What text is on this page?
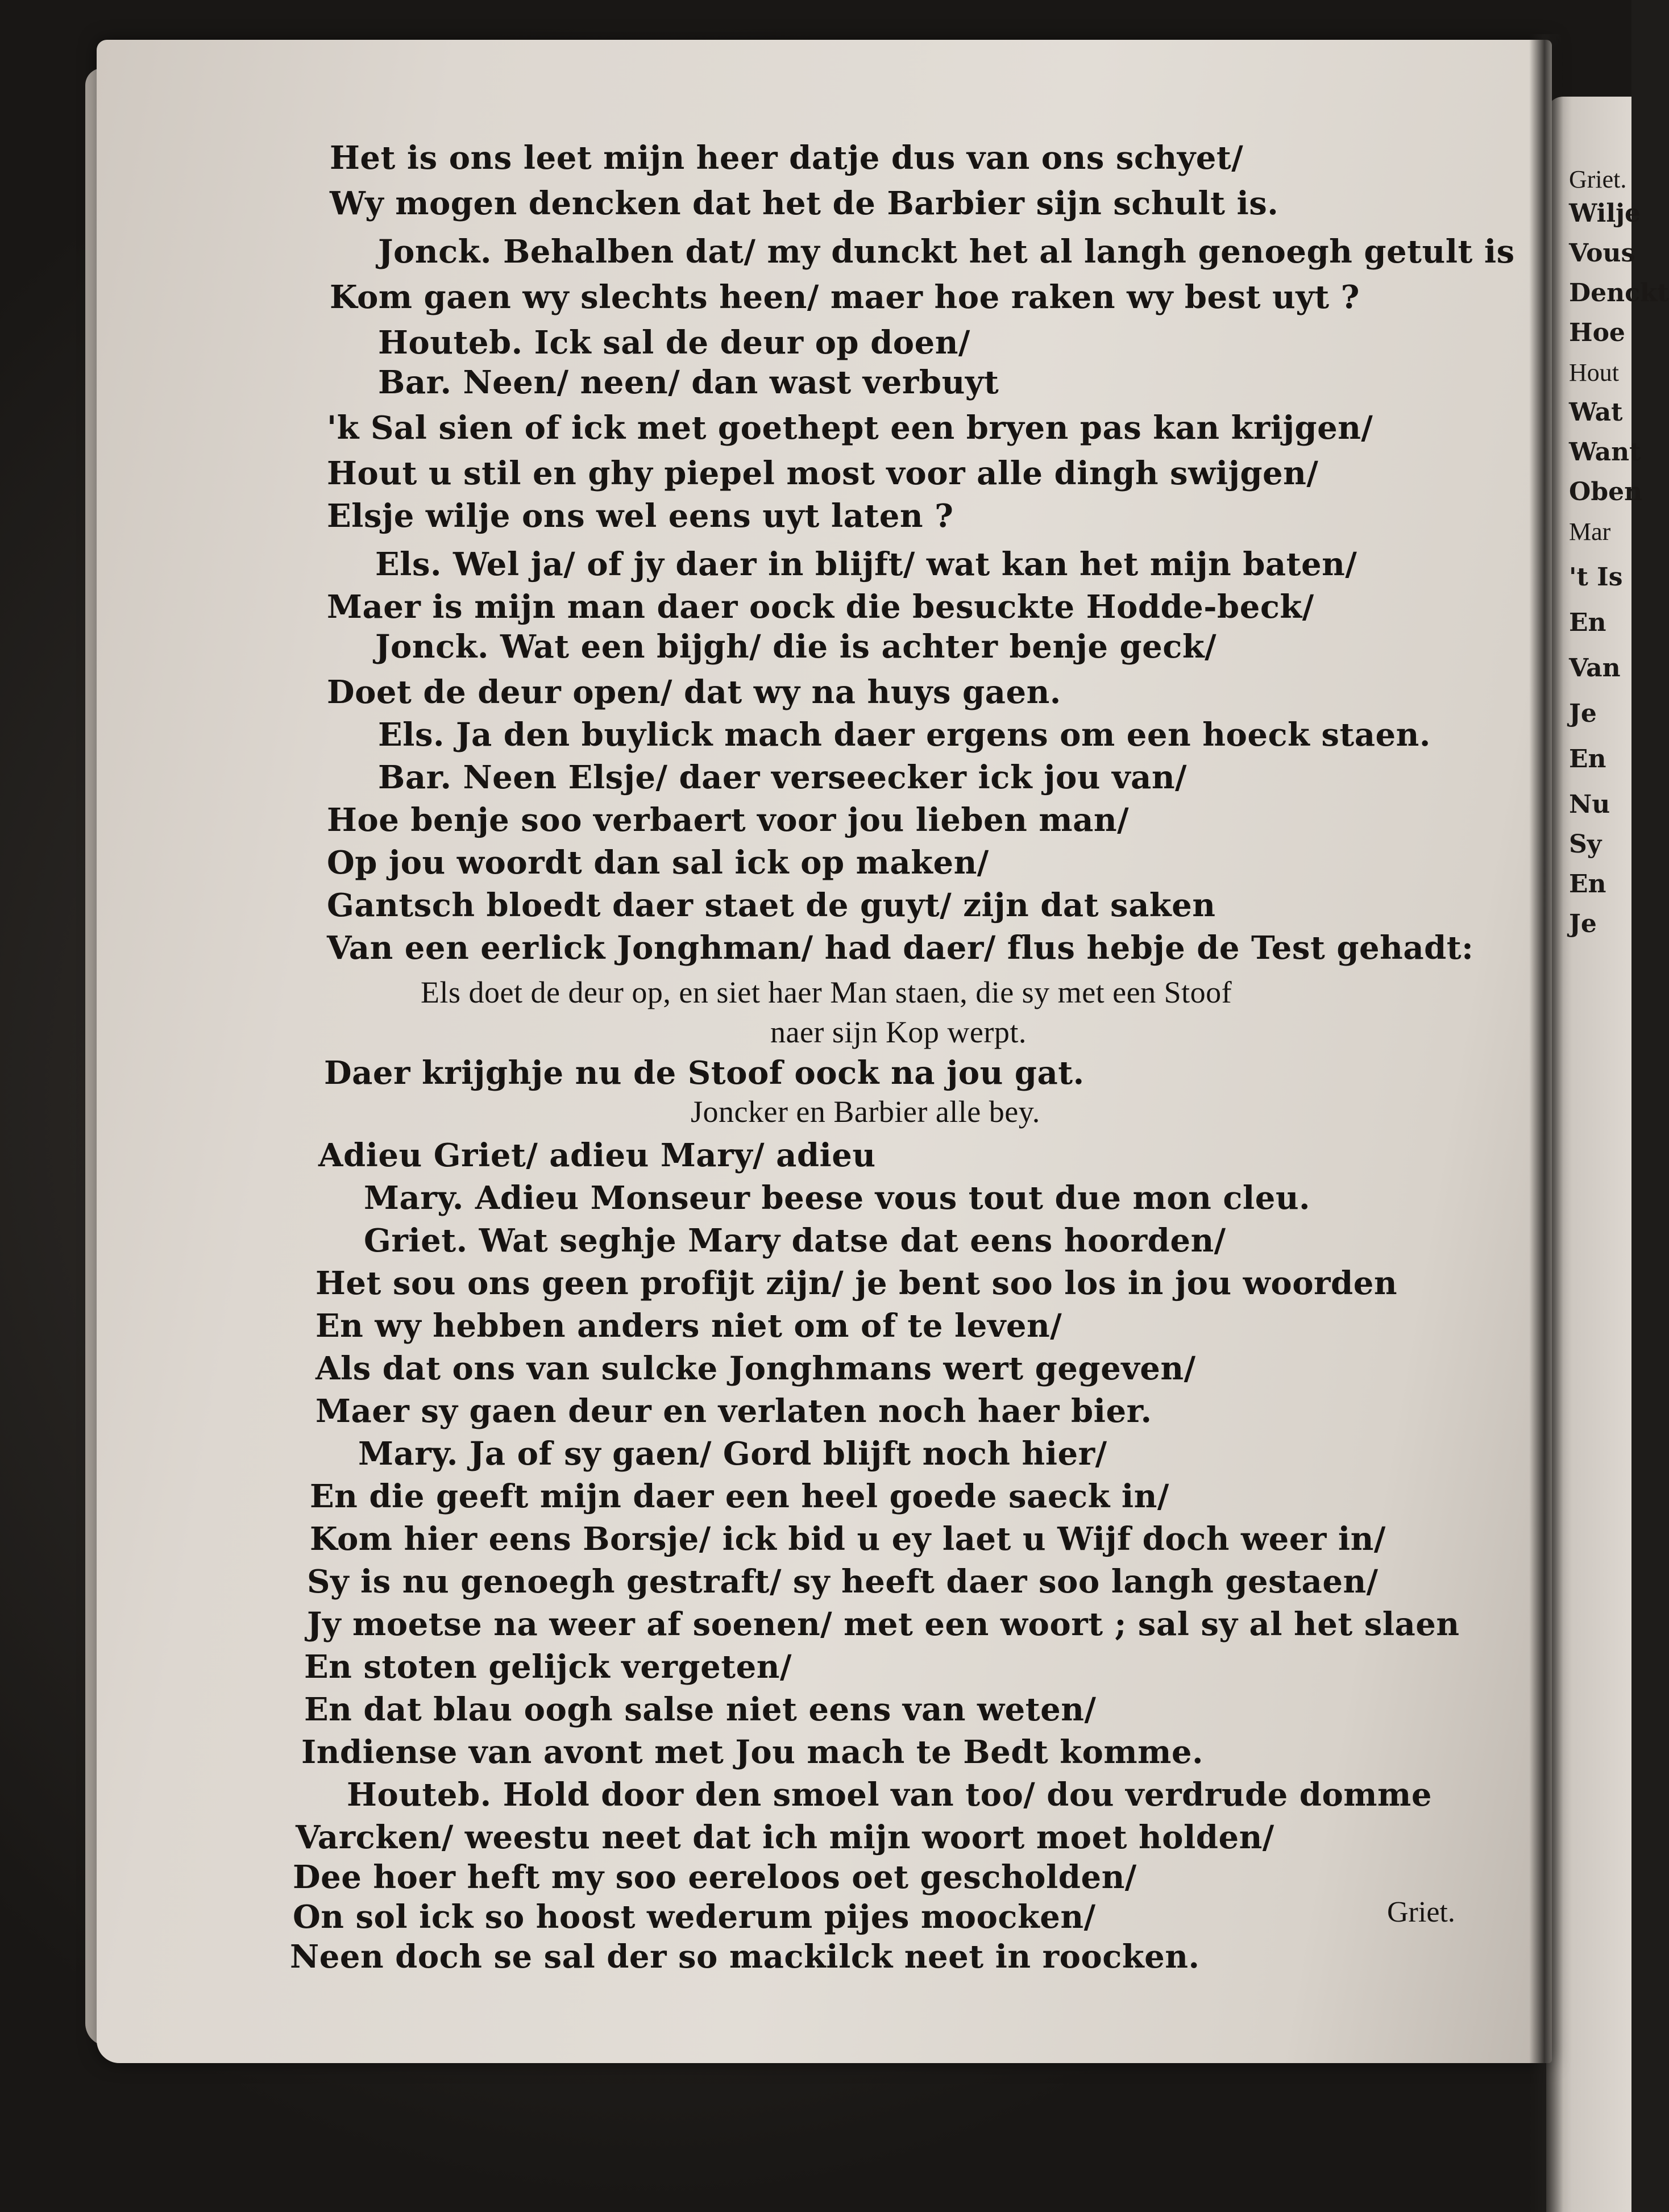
Het is ons leet mijn heer datje dus van ons schyet/
Wy mogen dencken dat het de Barbier sijn schult is.
Jonck. Behalben dat/ my dunckt het al langh genoegh getult is
Kom gaen wy slechts heen/ maer hoe raken wy best uyt ?
Houteb. Ick sal de deur op doen/
Bar. Neen/ neen/ dan wast verbuyt
'k Sal sien of ick met goethept een bryen pas kan krijgen/
Hout u stil en ghy piepel most voor alle dingh swijgen/
Elsje wilje ons wel eens uyt laten ?
Els. Wel ja/ of jy daer in blijft/ wat kan het mijn baten/
Maer is mijn man daer oock die besuckte Hodde-beck/
Jonck. Wat een bijgh/ die is achter benje geck/
Doet de deur open/ dat wy na huys gaen.
Els. Ja den buylick mach daer ergens om een hoeck staen.
Bar. Neen Elsje/ daer verseecker ick jou van/
Hoe benje soo verbaert voor jou lieben man/
Op jou woordt dan sal ick op maken/
Gantsch bloedt daer staet de guyt/ zijn dat saken
Van een eerlick Jonghman/ had daer/ flus hebje de Test gehadt:
Els doet de deur op, en siet haer Man staen, die sy met een Stoof
naer sijn Kop werpt.
Daer krijghje nu de Stoof oock na jou gat.
Joncker en Barbier alle bey.
Adieu Griet/ adieu Mary/ adieu
Mary. Adieu Monseur beese vous tout due mon cleu.
Griet. Wat seghje Mary datse dat eens hoorden/
Het sou ons geen profijt zijn/ je bent soo los in jou woorden
En wy hebben anders niet om of te leven/
Als dat ons van sulcke Jonghmans wert gegeven/
Maer sy gaen deur en verlaten noch haer bier.
Mary. Ja of sy gaen/ Gord blijft noch hier/
En die geeft mijn daer een heel goede saeck in/
Kom hier eens Borsje/ ick bid u ey laet u Wijf doch weer in/
Sy is nu genoegh gestraft/ sy heeft daer soo langh gestaen/
Jy moetse na weer af soenen/ met een woort ; sal sy al het slaen
En stoten gelijck vergeten/
En dat blau oogh salse niet eens van weten/
Indiense van avont met Jou mach te Bedt komme.
Houteb. Hold door den smoel van too/ dou verdrude domme
Varcken/ weestu neet dat ich mijn woort moet holden/
Dee hoer heft my soo eereloos oet gescholden/
On sol ick so hoost wederum pijes moocken/
Neen doch se sal der so mackilck neet in roocken.
Griet.
Griet.
Wilje
Vous
Denckt
Hoe
Hout
Wat
Want
Oben
Mar
't Is
En
Van
Je
En
Nu
Sy
En
Je
